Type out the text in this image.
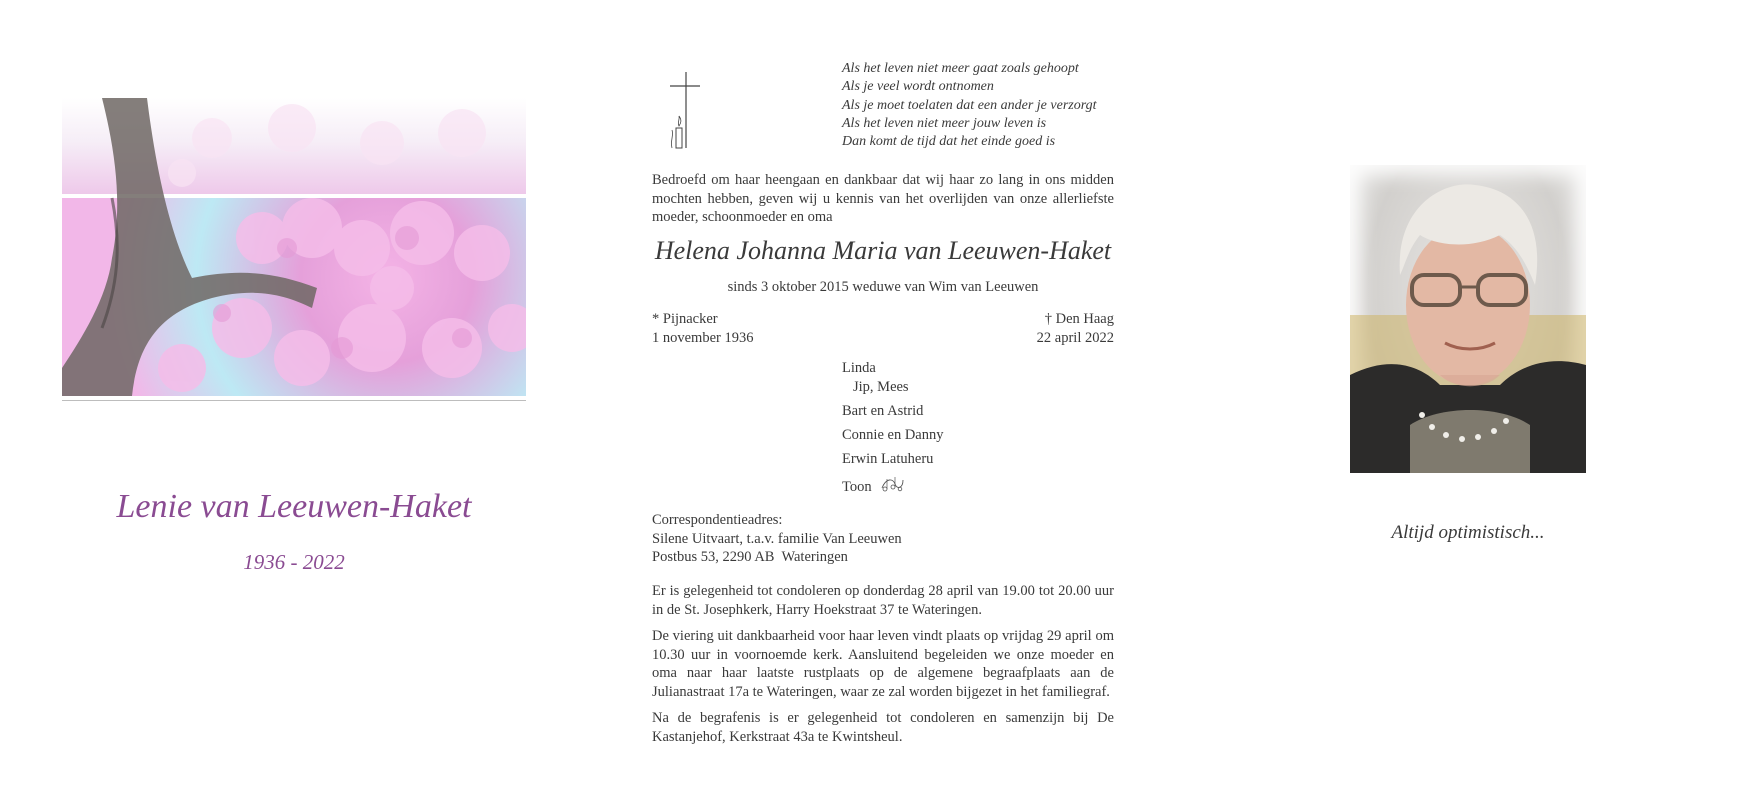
Lenie van Leeuwen-Haket
1936 - 2022
Als het leven niet meer gaat zoals gehoopt
Als je veel wordt ontnomen
Als je moet toelaten dat een ander je verzorgt
Als het leven niet meer jouw leven is
Dan komt de tijd dat het einde goed is
Bedroefd om haar heengaan en dankbaar dat wij haar zo lang in ons midden mochten hebben, geven wij u kennis van het overlijden van onze allerliefste moeder, schoonmoeder en oma
Helena Johanna Maria van Leeuwen-Haket
sinds 3 oktober 2015 weduwe van Wim van Leeuwen
* Pijnacker
1 november 1936
† Den Haag
22 april 2022
Linda
Jip, Mees
Bart en Astrid
Connie en Danny
Erwin Latuheru
Toon
Correspondentieadres:
Silene Uitvaart, t.a.v. familie Van Leeuwen
Postbus 53, 2290 AB  Wateringen
Er is gelegenheid tot condoleren op donderdag 28 april van 19.00 tot 20.00 uur in de St. Josephkerk, Harry Hoekstraat 37 te Wateringen.
De viering uit dankbaarheid voor haar leven vindt plaats op vrijdag 29 april om 10.30 uur in voornoemde kerk. Aansluitend begeleiden we onze moeder en oma naar haar laatste rustplaats op de algemene begraafplaats aan de Julianastraat 17a te Wateringen, waar ze zal worden bijgezet in het familiegraf.
Na de begrafenis is er gelegenheid tot condoleren en samenzijn bij De Kastanjehof, Kerkstraat 43a te Kwintsheul.
Altijd optimistisch...
